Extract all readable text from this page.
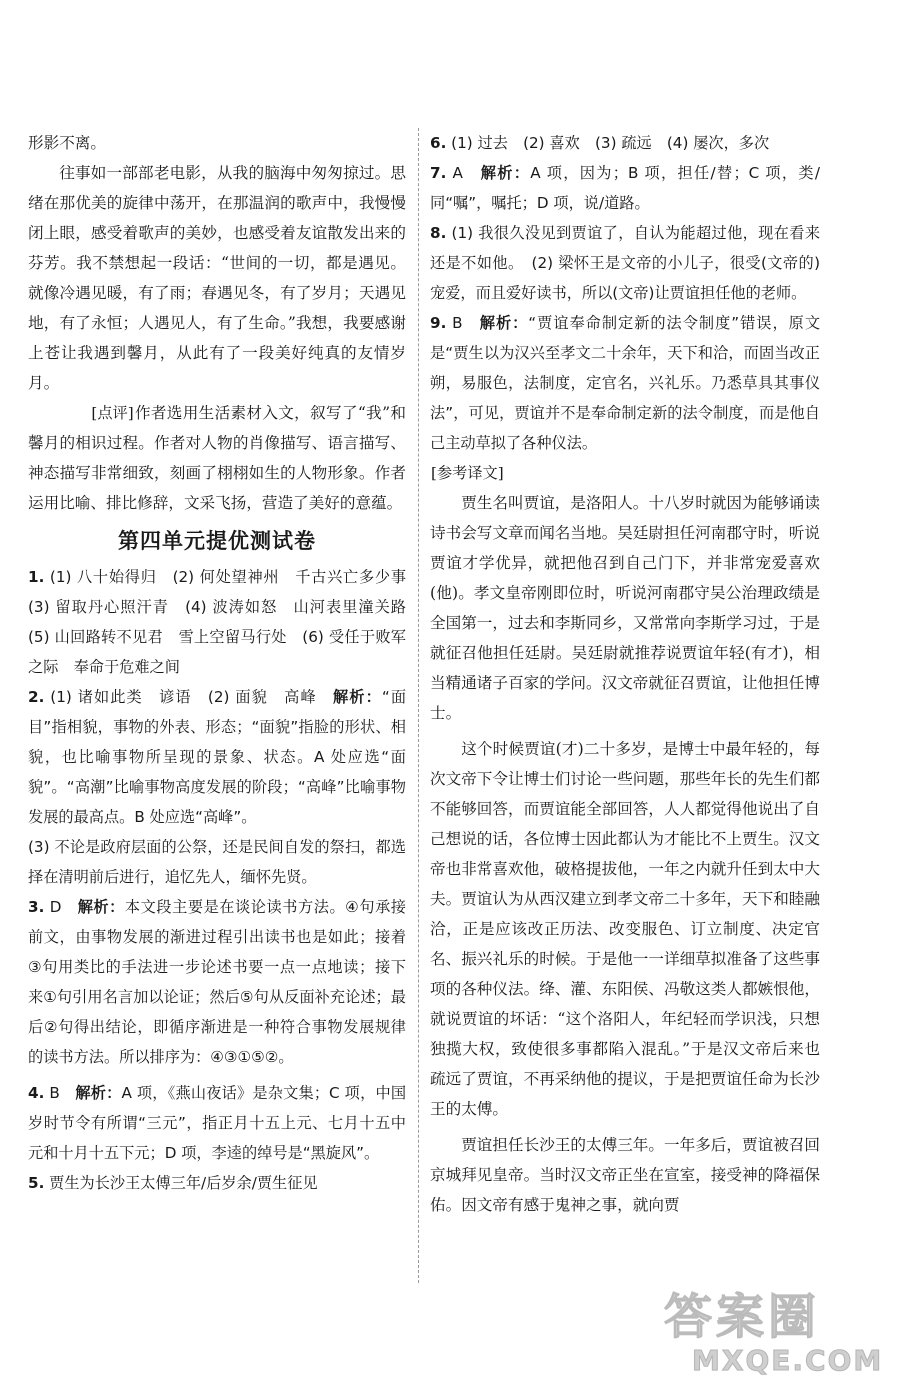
形影不离。

往事如一部部老电影，从我的脑海中匆匆掠过。思绪在那优美的旋律中荡开，在那温润的歌声中，我慢慢闭上眼，感受着歌声的美妙，也感受着友谊散发出来的芬芳。我不禁想起一段话：“世间的一切，都是遇见。就像冷遇见暖，有了雨；春遇见冬，有了岁月；天遇见地，有了永恒；人遇见人，有了生命。”我想，我要感谢上苍让我遇到馨月，从此有了一段美好纯真的友情岁月。

[ 点评 ] 作者选用生活素材入文，叙写了“我”和馨月的相识过程。作者对人物的肖像描写、语言描写、神态描写非常细致，刻画了栩栩如生的人物形象。作者运用比喻、排比修辞，文采飞扬，营造了美好的意蕴。

第四单元提优测试卷

1. (1) 八十始得归　(2) 何处望神州　千古兴亡多少事　(3) 留取丹心照汗青　(4) 波涛如怒　山河表里潼关路　(5) 山回路转不见君　雪上空留马行处　(6) 受任于败军之际　奉命于危难之间

2. (1) 诸如此类　谚语　(2) 面貌　高峰　解析：“面目”指相貌，事物的外表、形态；“面貌”指脸的形状、相貌，也比喻事物所呈现的景象、状态。A 处应选“面貌”。“高潮”比喻事物高度发展的阶段；“高峰”比喻事物发展的最高点。B 处应选“高峰”。

(3) 不论是政府层面的公祭，还是民间自发的祭扫，都选择在清明前后进行，追忆先人，缅怀先贤。

3. D　解析：本文段主要是在谈论读书方法。④句承接前文，由事物发展的渐进过程引出读书也是如此；接着③句用类比的手法进一步论述书要一点一点地读；接下来①句引用名言加以论证；然后⑤句从反面补充论述；最后②句得出结论，即循序渐进是一种符合事物发展规律的读书方法。所以排序为：④③①⑤②。

4. B　解析：A 项，《燕山夜话》是杂文集；C 项，中国岁时节令有所谓“三元”，指正月十五上元、七月十五中元和十月十五下元；D 项，李逵的绰号是“黑旋风”。

5. 贾生为长沙王太傅三年/后岁余/贾生征见

6. (1) 过去　(2) 喜欢　(3) 疏远　(4) 屡次，多次

7. A　解析：A 项，因为；B 项，担任/替；C 项，类/同“嘱”，嘱托；D 项，说/道路。

8. (1) 我很久没见到贾谊了，自认为能超过他，现在看来还是不如他。　(2) 梁怀王是文帝的小儿子，很受(文帝的)宠爱，而且爱好读书，所以(文帝)让贾谊担任他的老师。

9. B　解析：“贾谊奉命制定新的法令制度”错误，原文是“贾生以为汉兴至孝文二十余年，天下和洽，而固当改正朔，易服色，法制度，定官名，兴礼乐。乃悉草具其事仪法”，可见，贾谊并不是奉命制定新的法令制度，而是他自己主动草拟了各种仪法。

[ 参考译文 ]

贾生名叫贾谊，是洛阳人。十八岁时就因为能够诵读诗书会写文章而闻名当地。吴廷尉担任河南郡守时，听说贾谊才学优异，就把他召到自己门下，并非常宠爱喜欢(他)。孝文皇帝刚即位时，听说河南郡守吴公治理政绩是全国第一，过去和李斯同乡，又常常向李斯学习过，于是就征召他担任廷尉。吴廷尉就推荐说贾谊年轻(有才)，相当精通诸子百家的学问。汉文帝就征召贾谊，让他担任博士。

这个时候贾谊(才)二十多岁，是博士中最年轻的，每次文帝下令让博士们讨论一些问题，那些年长的先生们都不能够回答，而贾谊能全部回答，人人都觉得他说出了自己想说的话，各位博士因此都认为才能比不上贾生。汉文帝也非常喜欢他，破格提拔他，一年之内就升任到太中大夫。贾谊认为从西汉建立到孝文帝二十多年，天下和睦融洽，正是应该改正历法、改变服色、订立制度、决定官名、振兴礼乐的时候。于是他一一详细草拟准备了这些事项的各种仪法。绛、灌、东阳侯、冯敬这类人都嫉恨他，就说贾谊的坏话：“这个洛阳人，年纪轻而学识浅，只想独揽大权，致使很多事都陷入混乱。”于是汉文帝后来也疏远了贾谊，不再采纳他的提议，于是把贾谊任命为长沙王的太傅。

贾谊担任长沙王的太傅三年。一年多后，贾谊被召回京城拜见皇帝。当时汉文帝正坐在宣室，接受神的降福保佑。因文帝有感于鬼神之事，就向贾

答案圈
MXQE.COM
